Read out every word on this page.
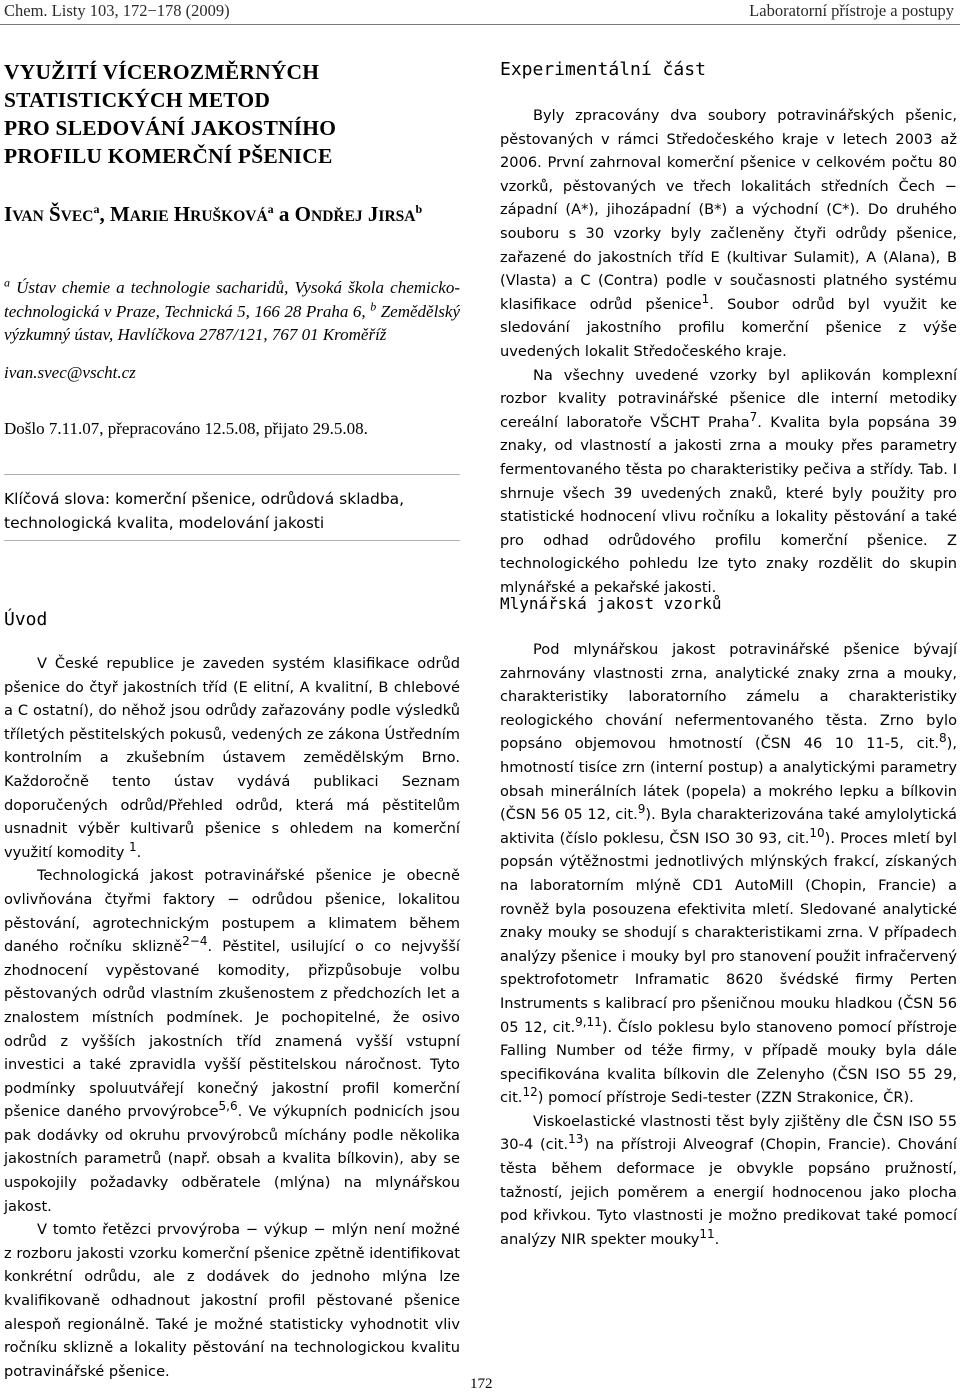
Chem. Listy 103, 172−178 (2009)	Laboratorní přístroje a postupy
VYUŽITÍ VÍCEROZMĚRNÝCH
STATISTICKÝCH METOD
PRO SLEDOVÁNÍ JAKOSTNÍHO
PROFILU KOMERČNÍ PŠENICE
IVAN ŠVEC$^a$, MARIE HRUŠKOVÁ$^a$ a ONDŘEJ JIRSA$^b$
$^a$ Ústav chemie a technologie sacharidů, Vysoká škola chemicko-technologická v Praze, Technická 5, 166 28 Praha 6, $^b$ Zemědělský výzkumný ústav, Havlíčkova 2787/121, 767 01 Kroměříž
ivan.svec@vscht.cz
Došlo 7.11.07, přepracováno 12.5.08, přijato 29.5.08.
Klíčová slova: komerční pšenice, odrůdová skladba, technologická kvalita, modelování jakosti
Úvod

V České republice je zaveden systém klasifikace odrůd pšenice do čtyř jakostních tříd (E elitní, A kvalitní, B chlebové a C ostatní), do něhož jsou odrůdy zařazovány podle výsledků tříletých pěstitelských pokusů, vedených ze zákona Ústředním kontrolním a zkušebním ústavem zemědělským Brno. Každoročně tento ústav vydává publikaci Seznam doporučených odrůd/Přehled odrůd, která má pěstitelům usnadnit výběr kultivarů pšenice s ohledem na komerční využití komodity $^1$.

Technologická jakost potravinářské pšenice je obecně ovlivňována čtyřmi faktory − odrůdou pšenice, lokalitou pěstování, agrotechnickým postupem a klimatem během daného ročníku sklizně$^{2-4}$. Pěstitel, usilující o co nejvyšší zhodnocení vypěstované komodity, přizpůsobuje volbu pěstovaných odrůd vlastním zkušenostem z předchozích let a znalostem místních podmínek. Je pochopitelné, že osivo odrůd z vyšších jakostních tříd znamená vyšší vstupní investici a také zpravidla vyšší pěstitelskou náročnost. Tyto podmínky spoluutvářejí konečný jakostní profil komerční pšenice daného prvovýrobce$^{5,6}$. Ve výkupních podnicích jsou pak dodávky od okruhu prvovýrobců míchány podle několika jakostních parametrů (např. obsah a kvalita bílkovin), aby se uspokojily požadavky odběratele (mlýna) na mlynářskou jakost.

V tomto řetězci prvovýroba − výkup − mlýn není možné z rozboru jakosti vzorku komerční pšenice zpětně identifikovat konkrétní odrůdu, ale z dodávek do jednoho mlýna lze kvalifikovaně odhadnout jakostní profil pěstované pšenice alespoň regionálně. Také je možné statisticky vyhodnotit vliv ročníku sklizně a lokality pěstování na technologickou kvalitu potravinářské pšenice.

Experimentální část

Byly zpracovány dva soubory potravinářských pšenic, pěstovaných v rámci Středočeského kraje v letech 2003 až 2006. První zahrnoval komerční pšenice v celkovém počtu 80 vzorků, pěstovaných ve třech lokalitách středních Čech − západní (A*), jihozápadní (B*) a východní (C*). Do druhého souboru s 30 vzorky byly začleněny čtyři odrůdy pšenice, zařazené do jakostních tříd E (kultivar Sulamit), A (Alana), B (Vlasta) a C (Contra) podle v současnosti platného systému klasifikace odrůd pšenice$^1$. Soubor odrůd byl využit ke sledování jakostního profilu komerční pšenice z výše uvedených lokalit Středočeského kraje.

Na všechny uvedené vzorky byl aplikován komplexní rozbor kvality potravinářské pšenice dle interní metodiky cereální laboratoře VŠCHT Praha$^7$. Kvalita byla popsána 39 znaky, od vlastností a jakosti zrna a mouky přes parametry fermentovaného těsta po charakteristiky pečiva a střídy. Tab. I shrnuje všech 39 uvedených znaků, které byly použity pro statistické hodnocení vlivu ročníku a lokality pěstování a také pro odhad odrůdového profilu komerční pšenice. Z technologického pohledu lze tyto znaky rozdělit do skupin mlynářské a pekařské jakosti.

Mlynářská jakost vzorků

Pod mlynářskou jakost potravinářské pšenice bývají zahrnovány vlastnosti zrna, analytické znaky zrna a mouky, charakteristiky laboratorního zámelu a charakteristiky reologického chování nefermentovaného těsta. Zrno bylo popsáno objemovou hmotností (ČSN 46 10 11-5, cit.$^8$), hmotností tisíce zrn (interní postup) a analytickými parametry obsah minerálních látek (popela) a mokrého lepku a bílkovin (ČSN 56 05 12, cit.$^9$). Byla charakterizována také amylolytická aktivita (číslo poklesu, ČSN ISO 30 93, cit.$^{10}$). Proces mletí byl popsán výtěžnostmi jednotlivých mlýnských frakcí, získaných na laboratorním mlýně CD1 AutoMill (Chopin, Francie) a rovněž byla posouzena efektivita mletí. Sledované analytické znaky mouky se shodují s charakteristikami zrna. V případech analýzy pšenice i mouky byl pro stanovení použit infračervený spektrofotometr Inframatic 8620 švédské firmy Perten Instruments s kalibrací pro pšeničnou mouku hladkou (ČSN 56 05 12, cit.$^{9,11}$). Číslo poklesu bylo stanoveno pomocí přístroje Falling Number od téže firmy, v případě mouky byla dále specifikována kvalita bílkovin dle Zelenyho (ČSN ISO 55 29, cit.$^{12}$) pomocí přístroje Sedi-tester (ZZN Strakonice, ČR).

Viskoelastické vlastnosti těst byly zjištěny dle ČSN ISO 55 30-4 (cit.$^{13}$) na přístroji Alveograf (Chopin, Francie). Chování těsta během deformace je obvykle popsáno pružností, tažností, jejich poměrem a energií hodnocenou jako plocha pod křivkou. Tyto vlastnosti je možno predikovat také pomocí analýzy NIR spekter mouky$^{11}$.

172
